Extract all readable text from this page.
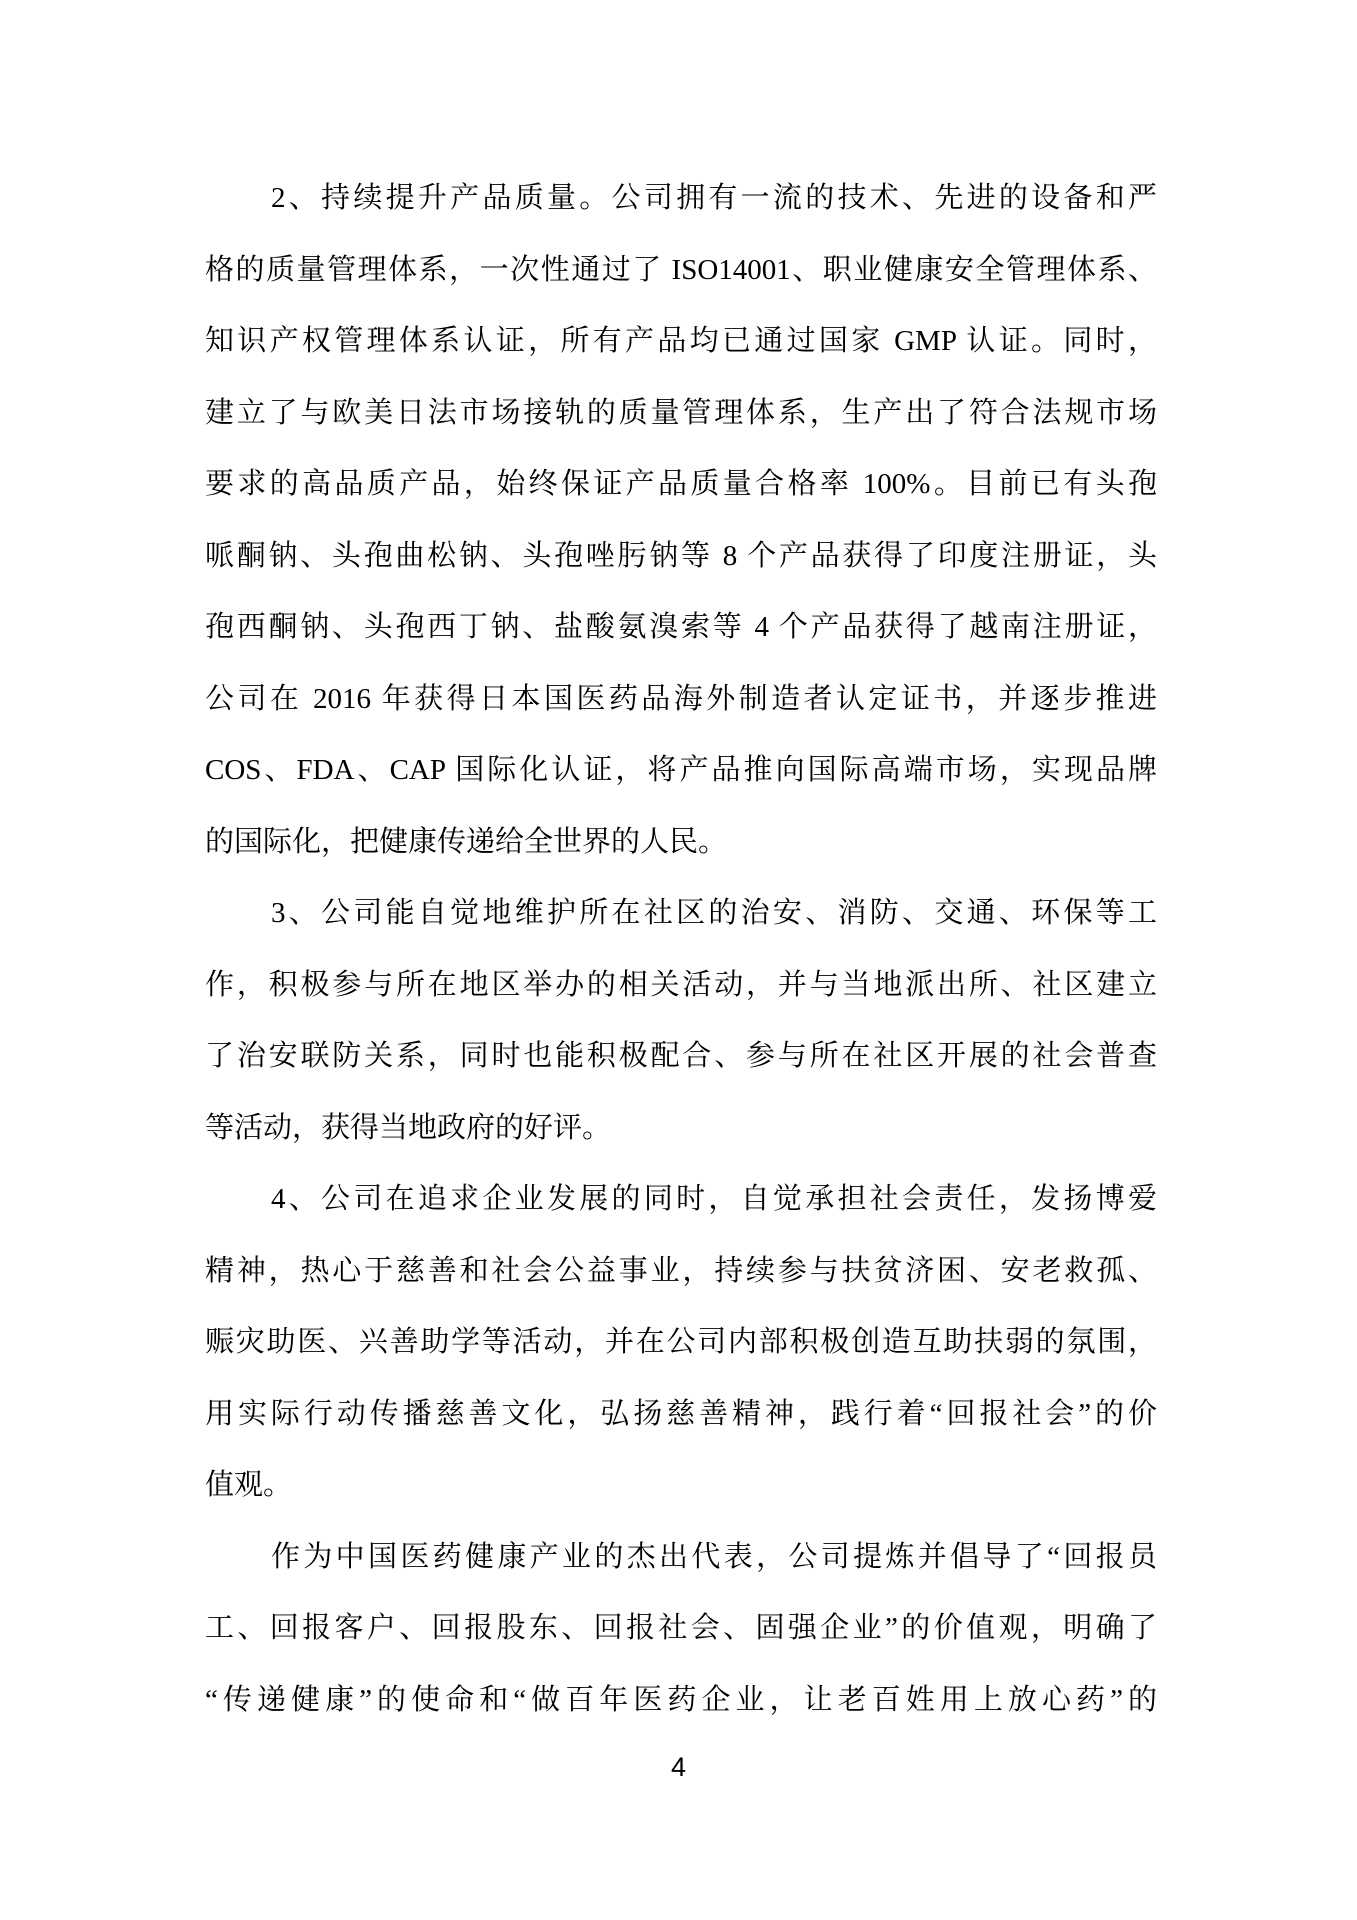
2、持续提升产品质量。公司拥有一流的技术、先进的设备和严
格的质量管理体系，一次性通过了 ISO14001、职业健康安全管理体系、
知识产权管理体系认证，所有产品均已通过国家 GMP 认证。同时，
建立了与欧美日法市场接轨的质量管理体系，生产出了符合法规市场
要求的高品质产品，始终保证产品质量合格率 100%。目前已有头孢
哌酮钠、头孢曲松钠、头孢唑肟钠等 8 个产品获得了印度注册证，头
孢西酮钠、头孢西丁钠、盐酸氨溴索等 4 个产品获得了越南注册证，
公司在 2016 年获得日本国医药品海外制造者认定证书，并逐步推进
COS、FDA、CAP 国际化认证，将产品推向国际高端市场，实现品牌
的国际化，把健康传递给全世界的人民。
3、公司能自觉地维护所在社区的治安、消防、交通、环保等工
作，积极参与所在地区举办的相关活动，并与当地派出所、社区建立
了治安联防关系，同时也能积极配合、参与所在社区开展的社会普查
等活动，获得当地政府的好评。
4、公司在追求企业发展的同时，自觉承担社会责任，发扬博爱
精神，热心于慈善和社会公益事业，持续参与扶贫济困、安老救孤、
赈灾助医、兴善助学等活动，并在公司内部积极创造互助扶弱的氛围，
用实际行动传播慈善文化，弘扬慈善精神，践行着“回报社会”的价
值观。
作为中国医药健康产业的杰出代表，公司提炼并倡导了“回报员
工、回报客户、回报股东、回报社会、固强企业”的价值观，明确了
“传递健康”的使命和“做百年医药企业，让老百姓用上放心药”的
4
